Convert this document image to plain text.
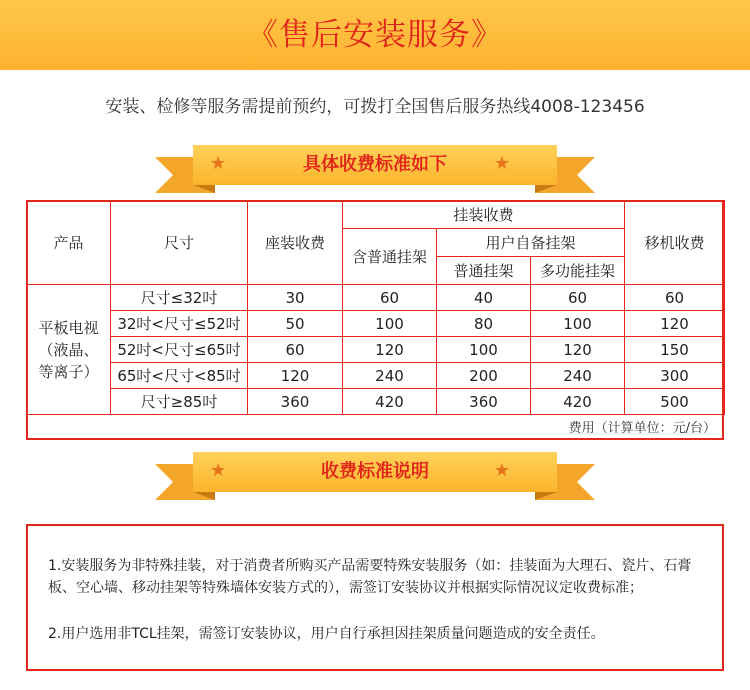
《售后安装服务》
安装、检修等服务需提前预约，可拨打全国售后服务热线4008-123456
★	★
具体收费标准如下
产品	尺寸	座装收费	挂装收费			移机收费
			含普通挂架	用户自备挂架		
				普通挂架	多功能挂架	
平板电视（液晶、等离子）	尺寸≤32吋	30	60	40	60	60
	32吋<尺寸≤52吋	50	100	80	100	120
	52吋<尺寸≤65吋	60	120	100	120	150
	65吋<尺寸<85吋	120	240	200	240	300
	尺寸≥85吋	360	420	360	420	500
费用（计算单位：元/台）
★	★
收费标准说明

1.安装服务为非特殊挂装，对于消费者所购买产品需要特殊安装服务（如：挂装面为大理石、瓷片、石膏板、空心墙、移动挂架等特殊墙体安装方式的），需签订安装协议并根据实际情况议定收费标准；

2.用户选用非TCL挂架，需签订安装协议，用户自行承担因挂架质量问题造成的安全责任。
